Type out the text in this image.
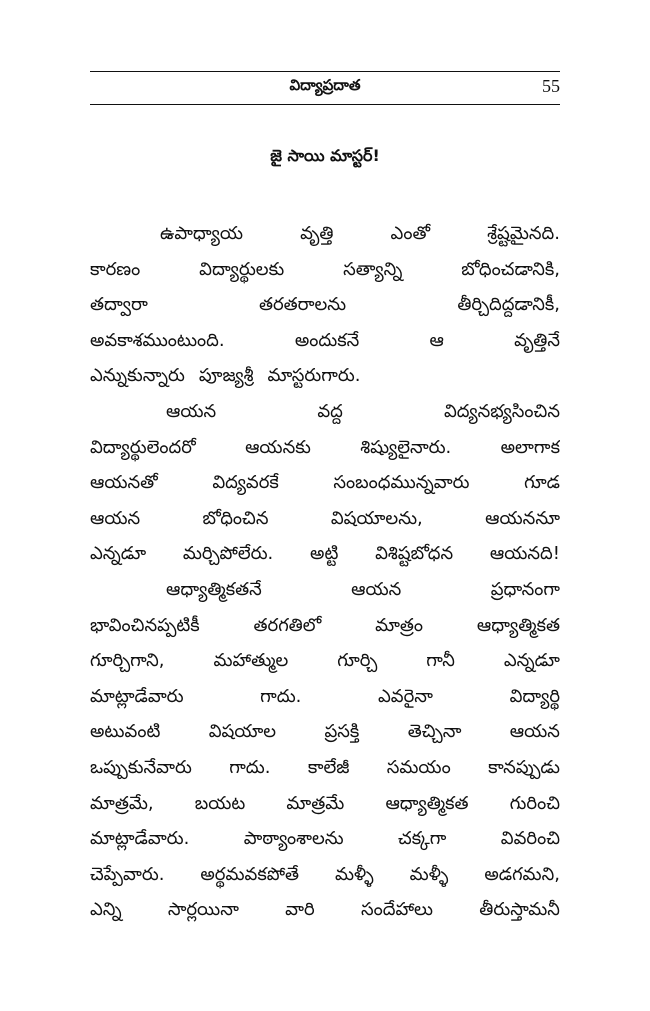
విద్యాప్రదాత	55
జై సాయి మాస్టర్!
ఉపాధ్యాయ	వృత్తి	ఎంతో	శ్రేష్టమైనది.
కారణం	విద్యార్థులకు	సత్యాన్ని	బోధించడానికి,
తద్వారా	తరతరాలను	తీర్చిదిద్దడానికీ,
అవకాశముంటుంది.	అందుకనే	ఆ	వృత్తినే
ఎన్నుకున్నారు పూజ్యశ్రీ మాస్టరుగారు.
ఆయన	వద్ద	విద్యనభ్యసించిన
విద్యార్థులెందరో	ఆయనకు	శిష్యులైనారు.	అలాగాక
ఆయనతో	విద్యవరకే	సంబంధమున్నవారు	గూడ
ఆయన	బోధించిన	విషయాలను,	ఆయననూ
ఎన్నడూ మర్చిపోలేరు. అట్టి విశిష్టబోధన ఆయనది!
ఆధ్యాత్మికతనే	ఆయన	ప్రధానంగా
భావించినప్పటికీ	తరగతిలో	మాత్రం	ఆధ్యాత్మికత
గూర్చిగాని,	మహాత్ముల	గూర్చి	గానీ	ఎన్నడూ
మాట్లాడేవారు	గాదు.	ఎవరైనా	విద్యార్థి
అటువంటి	విషయాల	ప్రసక్తి	తెచ్చినా	ఆయన
ఒప్పుకునేవారు గాదు. కాలేజీ సమయం కానప్పుడు
మాత్రమే, బయట మాత్రమే ఆధ్యాత్మికత గురించి
మాట్లాడేవారు.	పాఠ్యాంశాలను	చక్కగా	వివరించి
చెప్పేవారు. అర్థమవకపోతే మళ్ళీ మళ్ళీ అడగమని,
ఎన్ని	సార్లయినా	వారి	సందేహాలు	తీరుస్తామనీ
